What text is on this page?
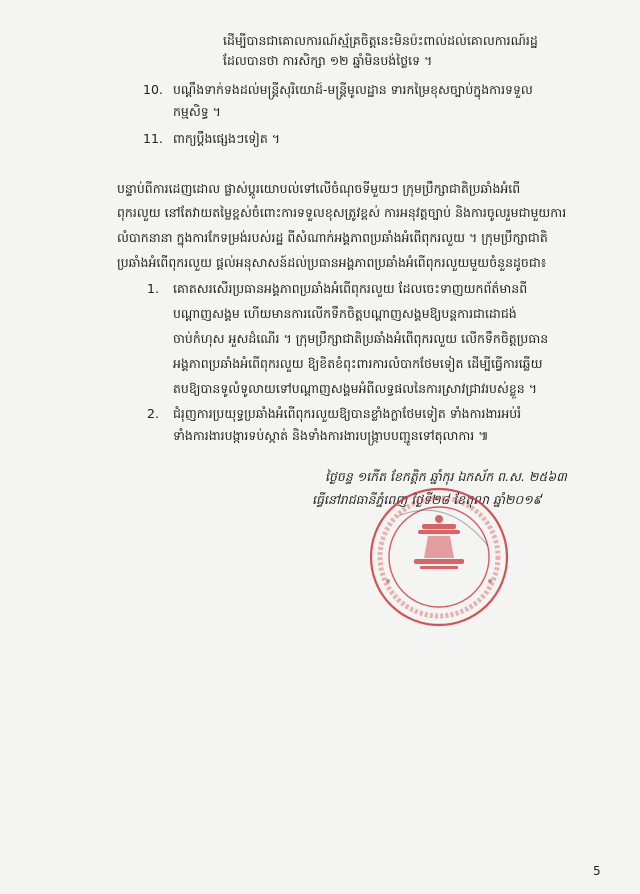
ដើម្បីបានជាគោលការណ៍ស្ម័គ្រចិត្តនេះមិនប៉ះពាល់ដល់គោលការណ៍រដ្ឋ
ដែលបានថា ការសិក្សា ១២ ឆ្នាំមិនបង់ថ្លៃទេ ។
10. បណ្តឹងទាក់ទងដល់មន្ត្រីសុរិយោដ៍-មន្ត្រីមូលដ្ឋាន ទារកម្រៃខុសច្បាប់ក្នុងការទទួល
កម្មសិទ្ធ ។
11. ពាក្យប្តឹងផ្សេងៗទៀត ។
បន្ទាប់ពីការដេញដោល ផ្លាស់ប្តូរយោបល់ទៅលើចំណុចទីមួយៗ ក្រុមប្រឹក្សាជាតិប្រឆាំងអំពើ
ពុករលួយ នៅតែវាយតម្លៃខ្ពស់ចំពោះការទទួលខុសត្រូវខ្ពស់ ការអនុវត្តច្បាប់ និងការចូលរួមជាមួយការ
លំបាកនានា ក្នុងការកែទម្រង់របស់រដ្ឋ ពីសំណាក់អង្គភាពប្រឆាំងអំពើពុករលួយ ។ ក្រុមប្រឹក្សាជាតិ
ប្រឆាំងអំពើពុករលួយ ផ្តល់អនុសាសន៍ដល់ប្រធានអង្គភាពប្រឆាំងអំពើពុករលួយមួយចំនួនដូចជា៖
1. គោតសរសើរប្រធានអង្គភាពប្រឆាំងអំពើពុករលួយ ដែលចេះទាញយកព័ត៌មានពី
បណ្តាញសង្គម ហើយមានការលើកទឹកចិត្តបណ្តាញសង្គមឱ្យបន្តការជាដោជង់
ចាប់កំហុស អួសដំណើរ ។ ក្រុមប្រឹក្សាជាតិប្រឆាំងអំពើពុករលួយ លើកទឹកចិត្តប្រធាន
អង្គភាពប្រឆាំងអំពើពុករលួយ ឱ្យខិតខំពុះពារការលំបាកថែមទៀត ដើម្បីធ្វើការឆ្លើយ
តបឱ្យបានទូលំទូលាយទៅបណ្តាញសង្គមអំពីលទ្ធផលនៃការស្រាវជ្រាវរបស់ខ្លួន ។
2. ជំរុញការប្រយុទ្ធប្រឆាំងអំពើពុករលួយឱ្យបានខ្លាំងក្លាថែមទៀត ទាំងការងារអប់រំ
ទាំងការងារបង្ការទប់ស្កាត់ និងទាំងការងារបង្ក្រាបបញ្ជូនទៅតុលាការ ៕
ថ្ងៃចន្ទ ១កើត ខែកត្តិក ឆ្នាំកុរ ឯកស័ក ព.ស. ២៥៦៣
ធ្វើនៅរាជធានីភ្នំពេញ ថ្ងៃទី២៨ ខែតុលា ឆ្នាំ២០១៩
5
